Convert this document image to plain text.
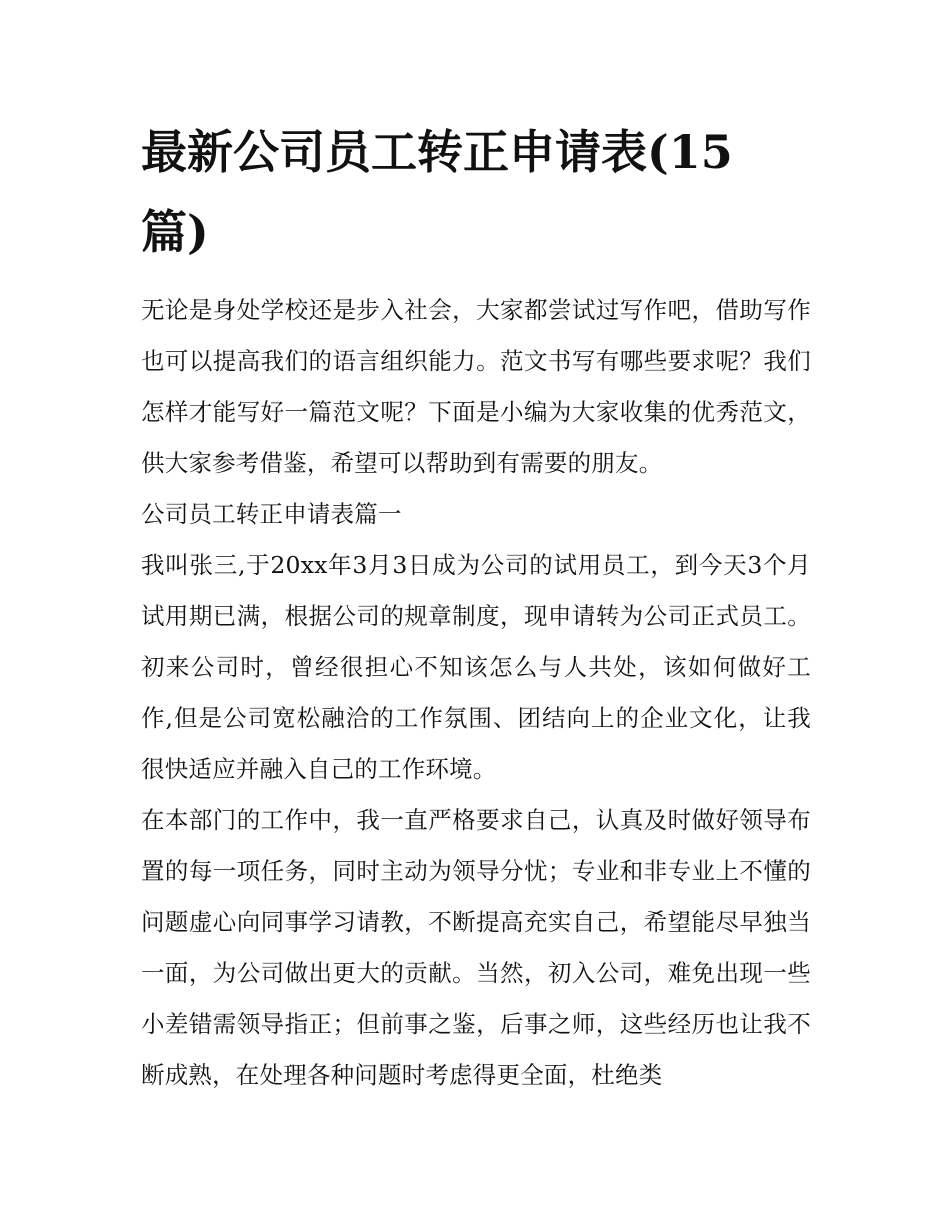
最新公司员工转正申请表(15篇)

无论是身处学校还是步入社会，大家都尝试过写作吧，借助写作也可以提高我们的语言组织能力。范文书写有哪些要求呢？我们怎样才能写好一篇范文呢？下面是小编为大家收集的优秀范文，供大家参考借鉴，希望可以帮助到有需要的朋友。

公司员工转正申请表篇一

我叫张三,于20xx年3月3日成为公司的试用员工，到今天3个月试用期已满，根据公司的规章制度，现申请转为公司正式员工。初来公司时，曾经很担心不知该怎么与人共处，该如何做好工作,但是公司宽松融洽的工作氛围、团结向上的企业文化，让我很快适应并融入自己的工作环境。

在本部门的工作中，我一直严格要求自己，认真及时做好领导布置的每一项任务，同时主动为领导分忧；专业和非专业上不懂的问题虚心向同事学习请教，不断提高充实自己，希望能尽早独当一面，为公司做出更大的贡献。当然，初入公司，难免出现一些小差错需领导指正；但前事之鉴，后事之师，这些经历也让我不断成熟，在处理各种问题时考虑得更全面，杜绝类
